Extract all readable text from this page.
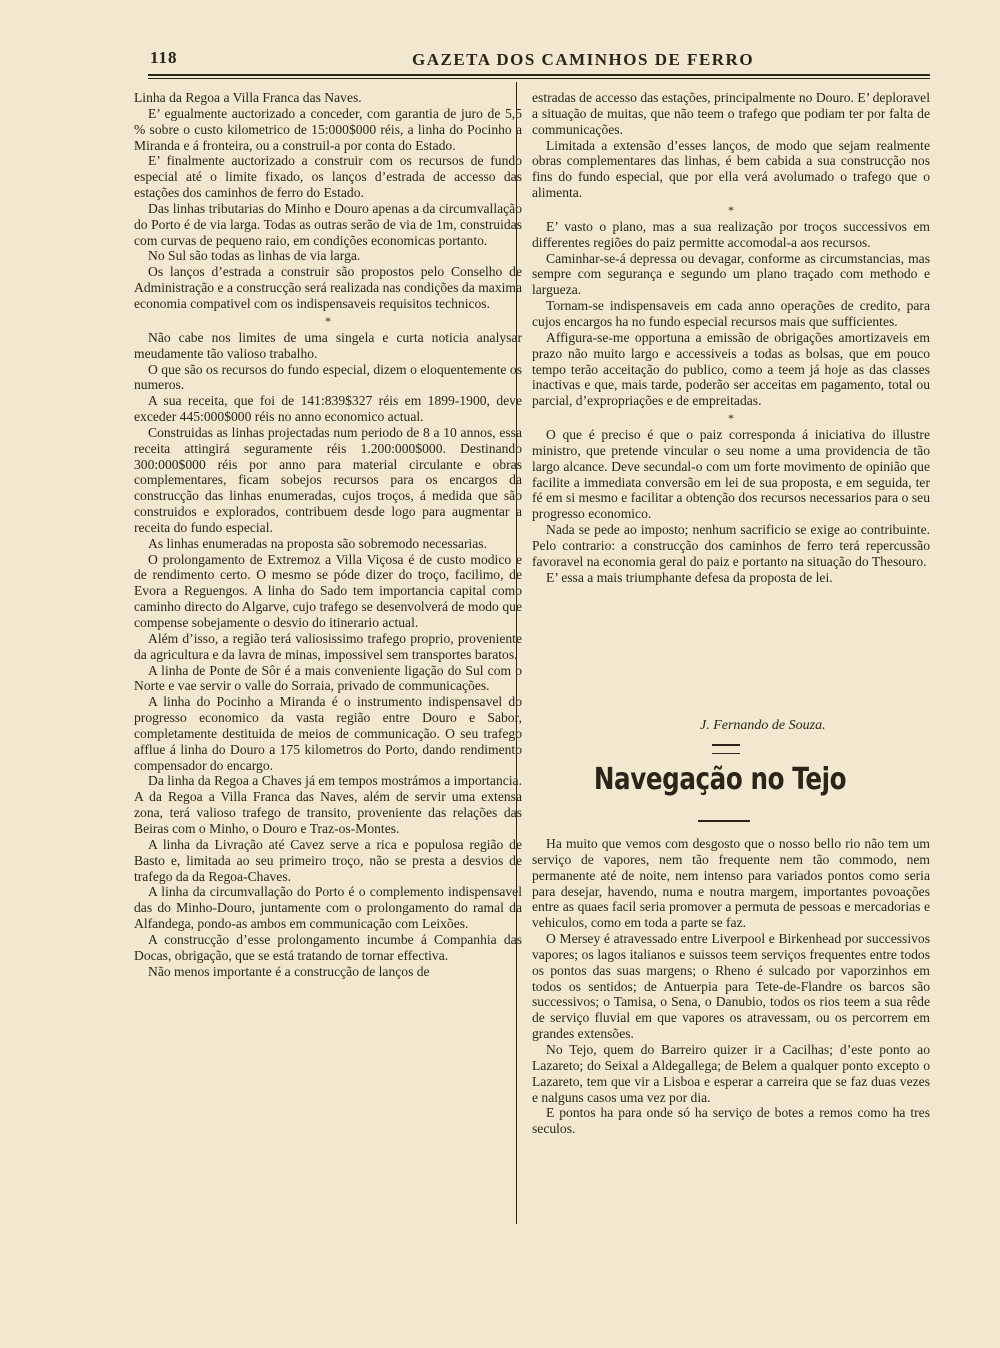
118	GAZETA DOS CAMINHOS DE FERRO

Linha da Regoa a Villa Franca das Naves.

E’ egualmente auctorizado a conceder, com garantia de juro de 5,5 % sobre o custo kilometrico de 15:000$000 réis, a linha do Pocinho a Miranda e á fronteira, ou a construil-a por conta do Estado.

E’ finalmente auctorizado a construir com os recursos de fundo especial até o limite fixado, os lanços d’estrada de accesso das estações dos caminhos de ferro do Estado.

Das linhas tributarias do Minho e Douro apenas a da circumvallação do Porto é de via larga. Todas as outras serão de via de 1m, construidas com curvas de pequeno raio, em condições economicas portanto.

No Sul são todas as linhas de via larga.

Os lanços d’estrada a construir são propostos pelo Conselho de Administração e a construcção será realizada nas condições da maxima economia compativel com os indispensaveis requisitos technicos.

*

Não cabe nos limites de uma singela e curta noticia analysar meudamente tão valioso trabalho.

O que são os recursos do fundo especial, dizem o eloquentemente os numeros.

A sua receita, que foi de 141:839$327 réis em 1899-1900, deve exceder 445:000$000 réis no anno economico actual.

Construidas as linhas projectadas num periodo de 8 a 10 annos, essa receita attingirá seguramente réis 1.200:000$000. Destinando 300:000$000 réis por anno para material circulante e obras complementares, ficam sobejos recursos para os encargos da construcção das linhas enumeradas, cujos troços, á medida que são construidos e explorados, contribuem desde logo para augmentar a receita do fundo especial.

As linhas enumeradas na proposta são sobremodo necessarias.

O prolongamento de Extremoz a Villa Viçosa é de custo modico e de rendimento certo. O mesmo se póde dizer do troço, facilimo, de Evora a Reguengos. A linha do Sado tem importancia capital como caminho directo do Algarve, cujo trafego se desenvolverá de modo que compense sobejamente o desvio do itinerario actual.

Além d’isso, a região terá valiosissimo trafego proprio, proveniente da agricultura e da lavra de minas, impossivel sem transportes baratos.

A linha de Ponte de Sôr é a mais conveniente ligação do Sul com o Norte e vae servir o valle do Sorraia, privado de communicações.

A linha do Pocinho a Miranda é o instrumento indispensavel do progresso economico da vasta região entre Douro e Sabor, completamente destituida de meios de communicação. O seu trafego afflue á linha do Douro a 175 kilometros do Porto, dando rendimento compensador do encargo.

Da linha da Regoa a Chaves já em tempos mostrámos a importancia. A da Regoa a Villa Franca das Naves, além de servir uma extensa zona, terá valioso trafego de transito, proveniente das relações das Beiras com o Minho, o Douro e Traz-os-Montes.

A linha da Livração até Cavez serve a rica e populosa região de Basto e, limitada ao seu primeiro troço, não se presta a desvios de trafego da da Regoa-Chaves.

A linha da circumvallação do Porto é o complemento indispensavel das do Minho-Douro, juntamente com o prolongamento do ramal da Alfandega, pondo-as ambos em communicação com Leixões.

A construcção d’esse prolongamento incumbe á Companhia das Docas, obrigação, que se está tratando de tornar effectiva.

Não menos importante é a construcção de lanços de

estradas de accesso das estações, principalmente no Douro. E’ deploravel a situação de muitas, que não teem o trafego que podiam ter por falta de communicações.

Limitada a extensão d’esses lanços, de modo que sejam realmente obras complementares das linhas, é bem cabida a sua construcção nos fins do fundo especial, que por ella verá avolumado o trafego que o alimenta.

*

E’ vasto o plano, mas a sua realização por troços successivos em differentes regiões do paiz permitte accomodal-a aos recursos.

Caminhar-se-á depressa ou devagar, conforme as circumstancias, mas sempre com segurança e segundo um plano traçado com methodo e largueza.

Tornam-se indispensaveis em cada anno operações de credito, para cujos encargos ha no fundo especial recursos mais que sufficientes.

Affigura-se-me opportuna a emissão de obrigações amortizaveis em prazo não muito largo e accessiveis a todas as bolsas, que em pouco tempo terão acceitação do publico, como a teem já hoje as das classes inactivas e que, mais tarde, poderão ser acceitas em pagamento, total ou parcial, d’expropriações e de empreitadas.

*

O que é preciso é que o paiz corresponda á iniciativa do illustre ministro, que pretende vincular o seu nome a uma providencia de tão largo alcance. Deve secundal-o com um forte movimento de opinião que facilite a immediata conversão em lei de sua proposta, e em seguida, ter fé em si mesmo e facilitar a obtenção dos recursos necessarios para o seu progresso economico.

Nada se pede ao imposto; nenhum sacrificio se exige ao contribuinte. Pelo contrario: a construcção dos caminhos de ferro terá repercussão favoravel na economia geral do paiz e portanto na situação do Thesouro.

E’ essa a mais triumphante defesa da proposta de lei.

J. Fernando de Souza.
Navegação no Tejo

Ha muito que vemos com desgosto que o nosso bello rio não tem um serviço de vapores, nem tão frequente nem tão commodo, nem permanente até de noite, nem intenso para variados pontos como seria para desejar, havendo, numa e noutra margem, importantes povoações entre as quaes facil seria promover a permuta de pessoas e mercadorias e vehiculos, como em toda a parte se faz.

O Mersey é atravessado entre Liverpool e Birkenhead por successivos vapores; os lagos italianos e suissos teem serviços frequentes entre todos os pontos das suas margens; o Rheno é sulcado por vaporzinhos em todos os sentidos; de Antuerpia para Tete-de-Flandre os barcos são successivos; o Tamisa, o Sena, o Danubio, todos os rios teem a sua rêde de serviço fluvial em que vapores os atravessam, ou os percorrem em grandes extensões.

No Tejo, quem do Barreiro quizer ir a Cacilhas; d’este ponto ao Lazareto; do Seixal a Aldegallega; de Belem a qualquer ponto excepto o Lazareto, tem que vir a Lisboa e esperar a carreira que se faz duas vezes e nalguns casos uma vez por dia.

E pontos ha para onde só ha serviço de botes a remos como ha tres seculos.
